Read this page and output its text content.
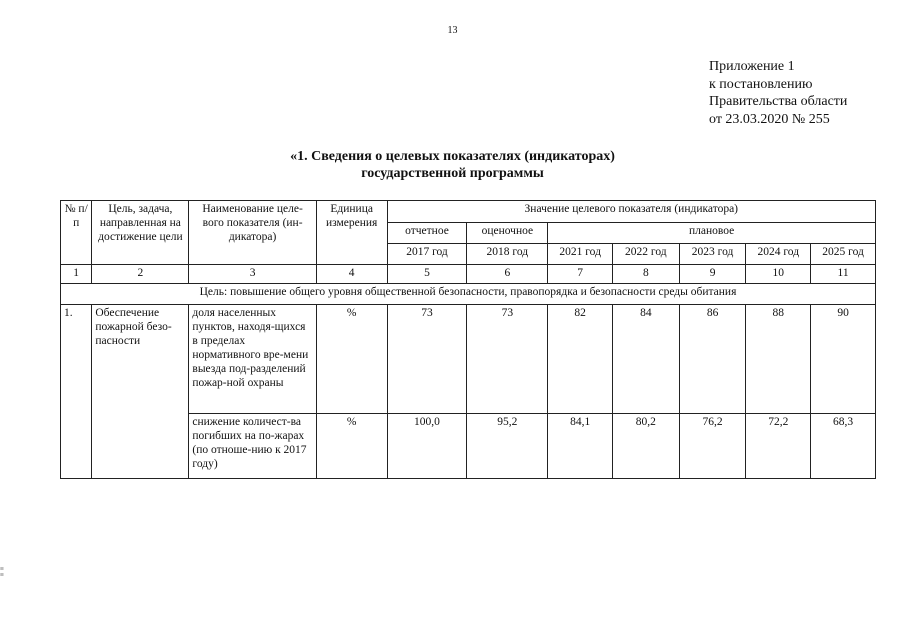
13
Приложение 1
к постановлению
Правительства области
от 23.03.2020 № 255
«1. Сведения о целевых показателях (индикаторах)
государственной программы
№ п/п	Цель, задача, направленная на достижение цели	Наименование целе-вого показателя (ин-дикатора)	Единица измерения	Значение целевого показателя (индикатора)						
				отчетное	оценочное	плановое				
				2017 год	2018 год	2021 год	2022 год	2023 год	2024 год	2025 год
1	2	3	4	5	6	7	8	9	10	11
Цель: повышение общего уровня общественной безопасности, правопорядка и безопасности среды обитания										
1.	Обеспечение пожарной безо-пасности	доля населенных пунктов, находя-щихся в пределах нормативного вре-мени выезда под-разделений пожар-ной охраны	%	73	73	82	84	86	88	90
		снижение количест-ва погибших на по-жарах (по отноше-нию к 2017 году)	%	100,0	95,2	84,1	80,2	76,2	72,2	68,3
≡
≡
